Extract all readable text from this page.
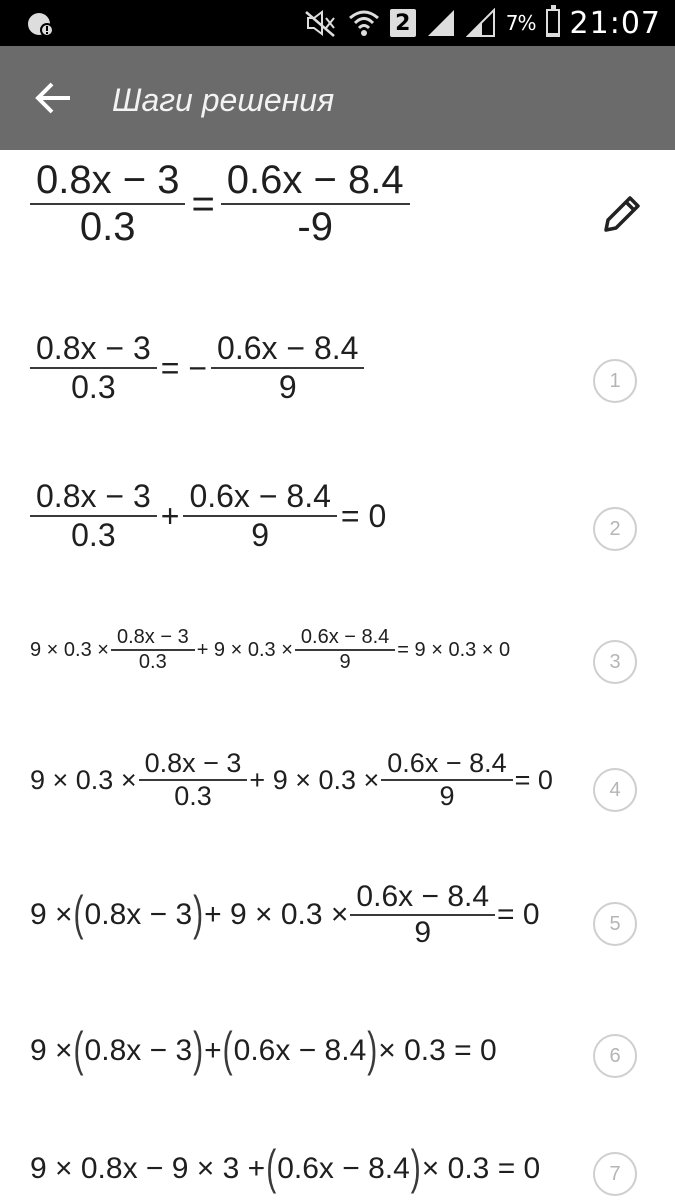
2	7% 21:07
Шаги решения
$\frac{0.8x - 3}{0.3} = \frac{0.6x - 8.4}{-9}$
$\frac{0.8x - 3}{0.3}$ = − $\frac{0.6x - 8.4}{9}$	1
$\frac{0.8x - 3}{0.3} + \frac{0.6x - 8.4}{9} = 0$	2
$9 \times 0.3 \times \frac{0.8x - 3}{0.3} + 9 \times 0.3 \times \frac{0.6x - 8.4}{9} = 9 \times 0.3 \times 0$
3
$9 \times 0.3 \times \frac{0.8x - 3}{0.3} + 9 \times 0.3 \times \frac{0.6x - 8.4}{9} = 0$	4
9 × ( 0.8x − 3 ) + $9 \times 0.3 \times \frac{0.6x - 8.4}{9} = 0$	5
9 × ( 0.8x − 3 ) + ( 0.6x − 8.4 ) × 0.3 = 0	6
9 × 0.8x − 9 × 3 + ( 0.6x − 8.4 ) × 0.3 = 0	7
